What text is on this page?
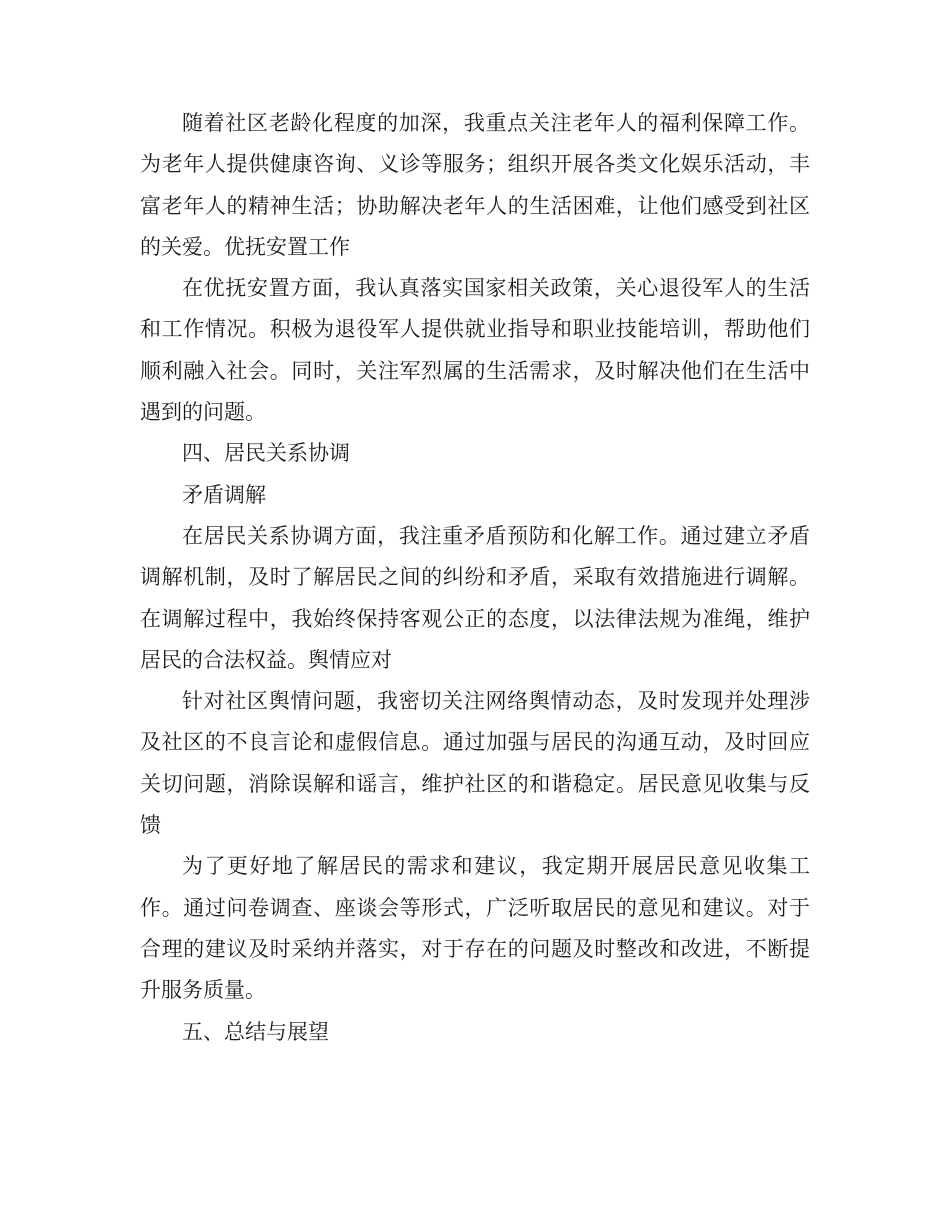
随着社区老龄化程度的加深，我重点关注老年人的福利保障工作。为老年人提供健康咨询、义诊等服务；组织开展各类文化娱乐活动，丰富老年人的精神生活；协助解决老年人的生活困难，让他们感受到社区的关爱。优抚安置工作

在优抚安置方面，我认真落实国家相关政策，关心退役军人的生活和工作情况。积极为退役军人提供就业指导和职业技能培训，帮助他们顺利融入社会。同时，关注军烈属的生活需求，及时解决他们在生活中遇到的问题。

四、居民关系协调

矛盾调解

在居民关系协调方面，我注重矛盾预防和化解工作。通过建立矛盾调解机制，及时了解居民之间的纠纷和矛盾，采取有效措施进行调解。在调解过程中，我始终保持客观公正的态度，以法律法规为准绳，维护居民的合法权益。舆情应对

针对社区舆情问题，我密切关注网络舆情动态，及时发现并处理涉及社区的不良言论和虚假信息。通过加强与居民的沟通互动，及时回应关切问题，消除误解和谣言，维护社区的和谐稳定。居民意见收集与反馈

为了更好地了解居民的需求和建议，我定期开展居民意见收集工作。通过问卷调查、座谈会等形式，广泛听取居民的意见和建议。对于合理的建议及时采纳并落实，对于存在的问题及时整改和改进，不断提升服务质量。

五、总结与展望
